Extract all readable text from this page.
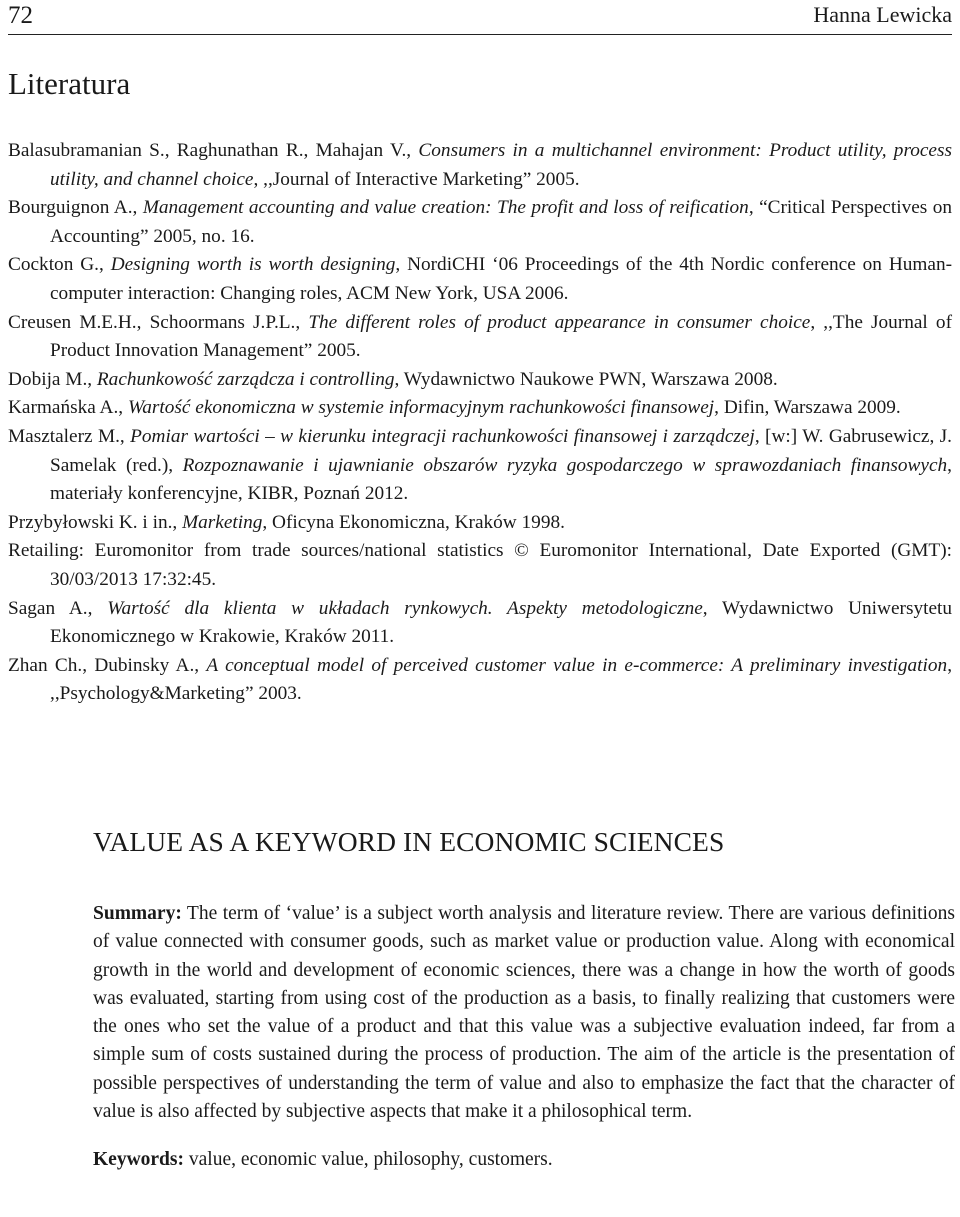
72	Hanna Lewicka
Literatura

Balasubramanian S., Raghunathan R., Mahajan V., Consumers in a multichannel environment: Product utility, process utility, and channel choice, ,,Journal of Interactive Marketing” 2005.

Bourguignon A., Management accounting and value creation: The profit and loss of reification, “Critical Perspectives on Accounting” 2005, no. 16.

Cockton G., Designing worth is worth designing, NordiCHI ‘06 Proceedings of the 4th Nordic conference on Human-computer interaction: Changing roles, ACM New York, USA 2006.

Creusen M.E.H., Schoormans J.P.L., The different roles of product appearance in consumer choice, ,,The Journal of Product Innovation Management” 2005.

Dobija M., Rachunkowość zarządcza i controlling, Wydawnictwo Naukowe PWN, Warszawa 2008.

Karmańska A., Wartość ekonomiczna w systemie informacyjnym rachunkowości finansowej, Difin, Warszawa 2009.

Masztalerz M., Pomiar wartości – w kierunku integracji rachunkowości finansowej i zarządczej, [w:] W. Gabrusewicz, J. Samelak (red.), Rozpoznawanie i ujawnianie obszarów ryzyka gospodarczego w sprawozdaniach finansowych, materiały konferencyjne, KIBR, Poznań 2012.

Przybyłowski K. i in., Marketing, Oficyna Ekonomiczna, Kraków 1998.

Retailing: Euromonitor from trade sources/national statistics © Euromonitor International, Date Exported (GMT): 30/03/2013 17:32:45.

Sagan A., Wartość dla klienta w układach rynkowych. Aspekty metodologiczne, Wydawnictwo Uniwersytetu Ekonomicznego w Krakowie, Kraków 2011.

Zhan Ch., Dubinsky A., A conceptual model of perceived customer value in e-commerce: A preliminary investigation, ,,Psychology&Marketing” 2003.

VALUE AS A KEYWORD IN ECONOMIC SCIENCES

Summary: The term of ‘value’ is a subject worth analysis and literature review. There are various definitions of value connected with consumer goods, such as market value or production value. Along with economical growth in the world and development of economic sciences, there was a change in how the worth of goods was evaluated, starting from using cost of the production as a basis, to finally realizing that customers were the ones who set the value of a product and that this value was a subjective evaluation indeed, far from a simple sum of costs sustained during the process of production. The aim of the article is the presentation of possible perspectives of understanding the term of value and also to emphasize the fact that the character of value is also affected by subjective aspects that make it a philosophical term.

Keywords: value, economic value, philosophy, customers.
